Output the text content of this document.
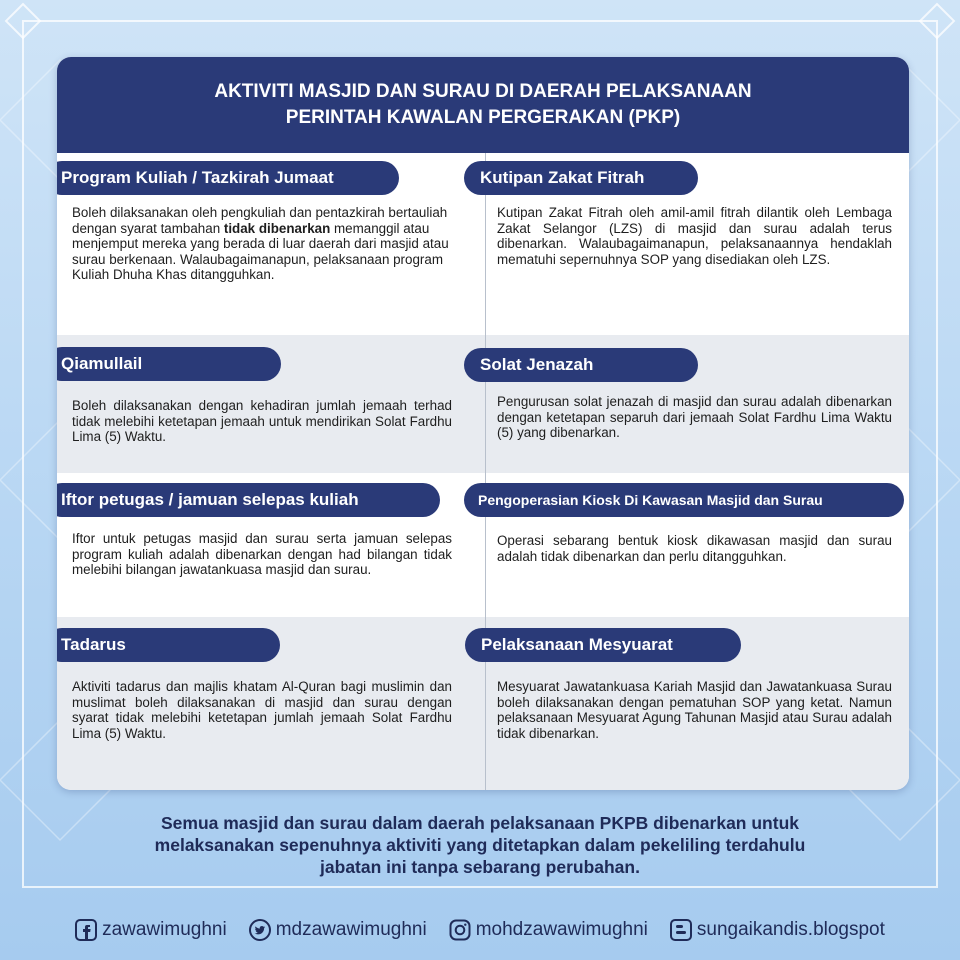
AKTIVITI MASJID DAN SURAU DI DAERAH PELAKSANAAN
PERINTAH KAWALAN PERGERAKAN (PKP)
Program Kuliah / Tazkirah Jumaat
Boleh dilaksanakan oleh pengkuliah dan pentazkirah bertauliah dengan syarat tambahan tidak dibenarkan memanggil atau menjemput mereka yang berada di luar daerah dari masjid atau surau berkenaan. Walaubagaimanapun, pelaksanaan program Kuliah Dhuha Khas ditangguhkan.
Kutipan Zakat Fitrah
Kutipan Zakat Fitrah oleh amil-amil fitrah dilantik oleh Lembaga Zakat Selangor (LZS) di masjid dan surau adalah terus dibenarkan. Walaubagaimanapun, pelaksanaannya hendaklah mematuhi sepernuhnya SOP yang disediakan oleh LZS.
Qiamullail
Boleh dilaksanakan dengan kehadiran jumlah jemaah terhad tidak melebihi ketetapan jemaah untuk mendirikan Solat Fardhu Lima (5) Waktu.
Solat Jenazah
Pengurusan solat jenazah di masjid dan surau adalah dibenarkan dengan ketetapan separuh dari jemaah Solat Fardhu Lima Waktu (5) yang dibenarkan.
Iftor petugas / jamuan selepas kuliah
Iftor untuk petugas masjid dan surau serta jamuan selepas program kuliah adalah dibenarkan dengan had bilangan tidak melebihi bilangan jawatankuasa masjid dan surau.
Pengoperasian Kiosk Di Kawasan Masjid dan Surau
Operasi sebarang bentuk kiosk dikawasan masjid dan surau adalah tidak dibenarkan dan perlu ditangguhkan.
Tadarus
Aktiviti tadarus dan majlis khatam Al-Quran bagi muslimin dan muslimat boleh dilaksanakan di masjid dan surau dengan syarat tidak melebihi ketetapan jumlah jemaah Solat Fardhu Lima (5) Waktu.
Pelaksanaan Mesyuarat
Mesyuarat Jawatankuasa Kariah Masjid dan Jawatankuasa Surau boleh dilaksanakan dengan pematuhan SOP yang ketat. Namun pelaksanaan Mesyuarat Agung Tahunan Masjid atau Surau adalah tidak dibenarkan.
Semua masjid dan surau dalam daerah pelaksanaan PKPB dibenarkan untuk
melaksanakan sepenuhnya aktiviti yang ditetapkan dalam pekeliling terdahulu
jabatan ini tanpa sebarang perubahan.
zawawimughni	mdzawawimughni	mohdzawawimughni	sungaikandis.blogspot
